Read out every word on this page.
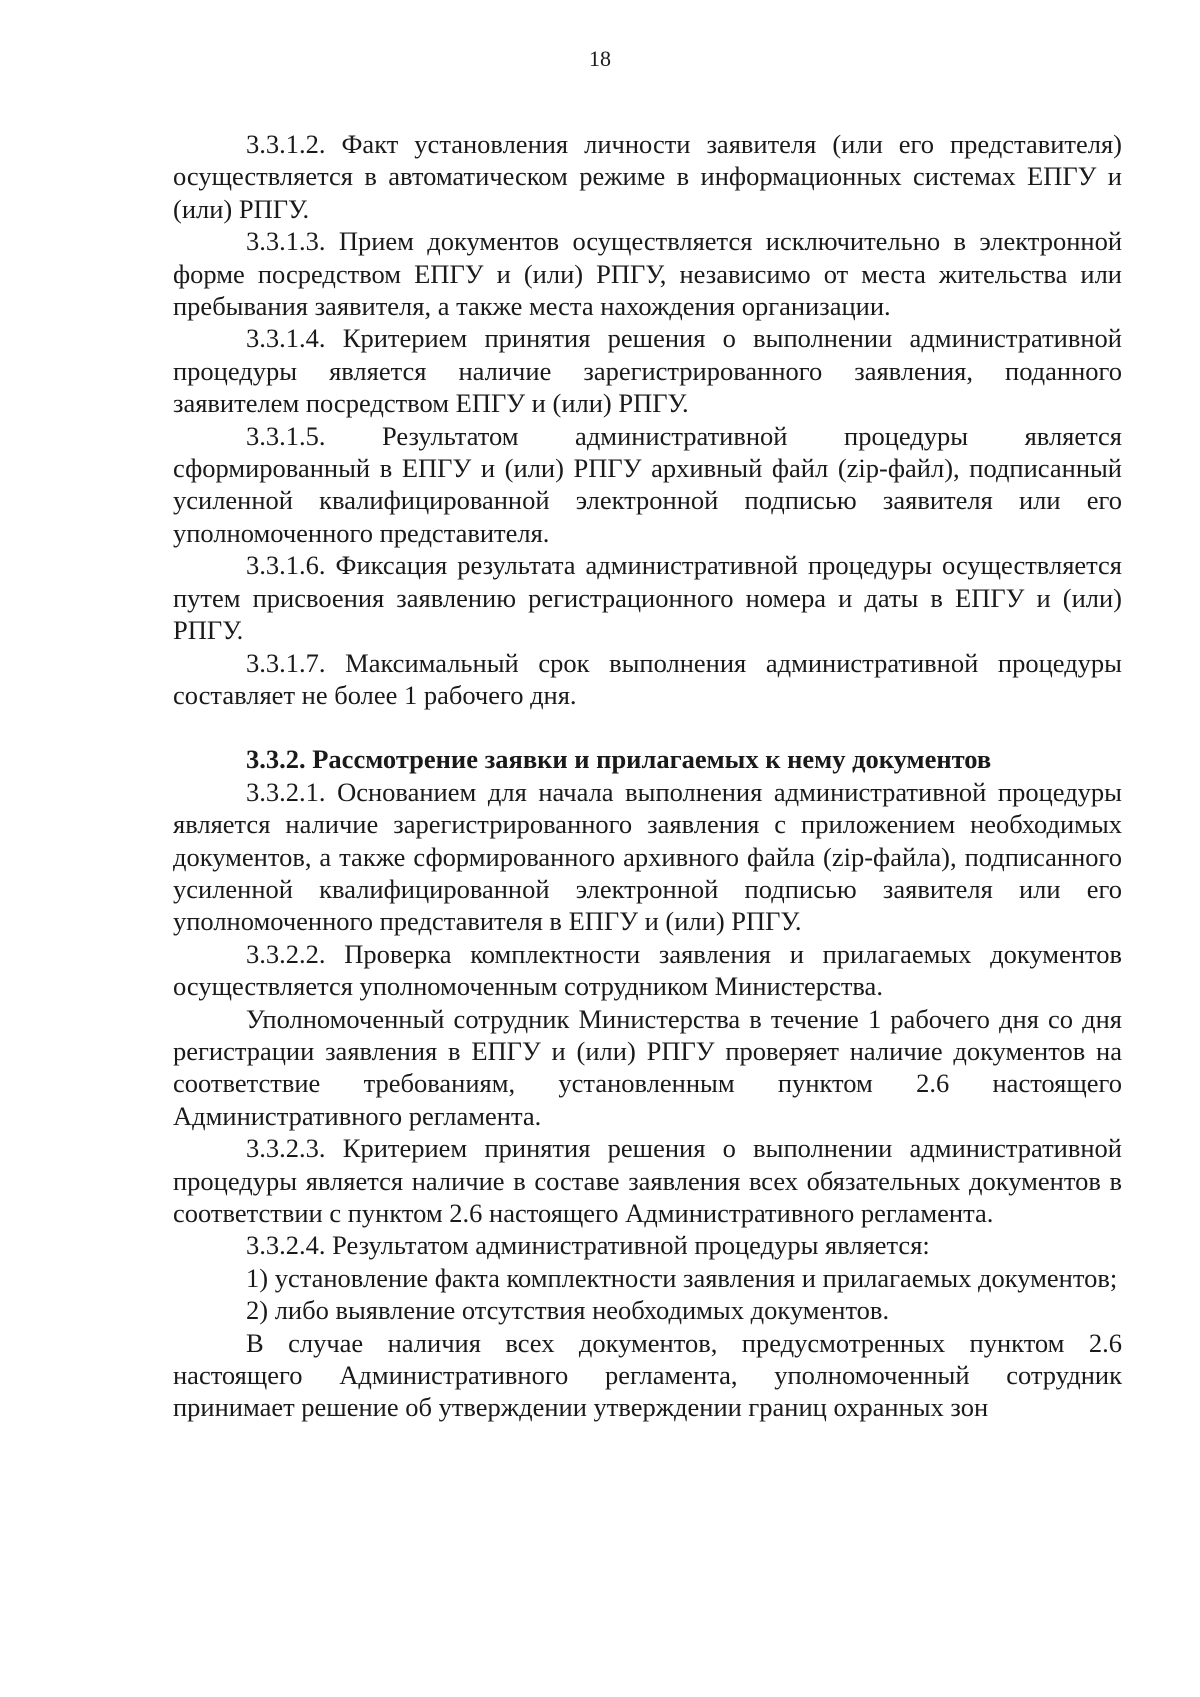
18

3.3.1.2. Факт установления личности заявителя (или его представителя) осуществляется в автоматическом режиме в информационных системах ЕПГУ и (или) РПГУ.

3.3.1.3. Прием документов осуществляется исключительно в электронной форме посредством ЕПГУ и (или) РПГУ, независимо от места жительства или пребывания заявителя, а также места нахождения организации.

3.3.1.4. Критерием принятия решения о выполнении административной процедуры является наличие зарегистрированного заявления, поданного заявителем посредством ЕПГУ и (или) РПГУ.

3.3.1.5. Результатом административной процедуры является сформированный в ЕПГУ и (или) РПГУ архивный файл (zip-файл), подписанный усиленной квалифицированной электронной подписью заявителя или его уполномоченного представителя.

3.3.1.6. Фиксация результата административной процедуры осуществляется путем присвоения заявлению регистрационного номера и даты в ЕПГУ и (или) РПГУ.

3.3.1.7. Максимальный срок выполнения административной процедуры составляет не более 1 рабочего дня.

3.3.2. Рассмотрение заявки и прилагаемых к нему документов

3.3.2.1. Основанием для начала выполнения административной процедуры является наличие зарегистрированного заявления с приложением необходимых документов, а также сформированного архивного файла (zip-файла), подписанного усиленной квалифицированной электронной подписью заявителя или его уполномоченного представителя в ЕПГУ и (или) РПГУ.

3.3.2.2. Проверка комплектности заявления и прилагаемых документов осуществляется уполномоченным сотрудником Министерства.

Уполномоченный сотрудник Министерства в течение 1 рабочего дня со дня регистрации заявления в ЕПГУ и (или) РПГУ проверяет наличие документов на соответствие требованиям, установленным пунктом 2.6 настоящего Административного регламента.

3.3.2.3. Критерием принятия решения о выполнении административной процедуры является наличие в составе заявления всех обязательных документов в соответствии с пунктом 2.6 настоящего Административного регламента.

3.3.2.4. Результатом административной процедуры является:

1) установление факта комплектности заявления и прилагаемых документов;

2) либо выявление отсутствия необходимых документов.

В случае наличия всех документов, предусмотренных пунктом 2.6 настоящего Административного регламента, уполномоченный сотрудник принимает решение об утверждении утверждении границ охранных зон
